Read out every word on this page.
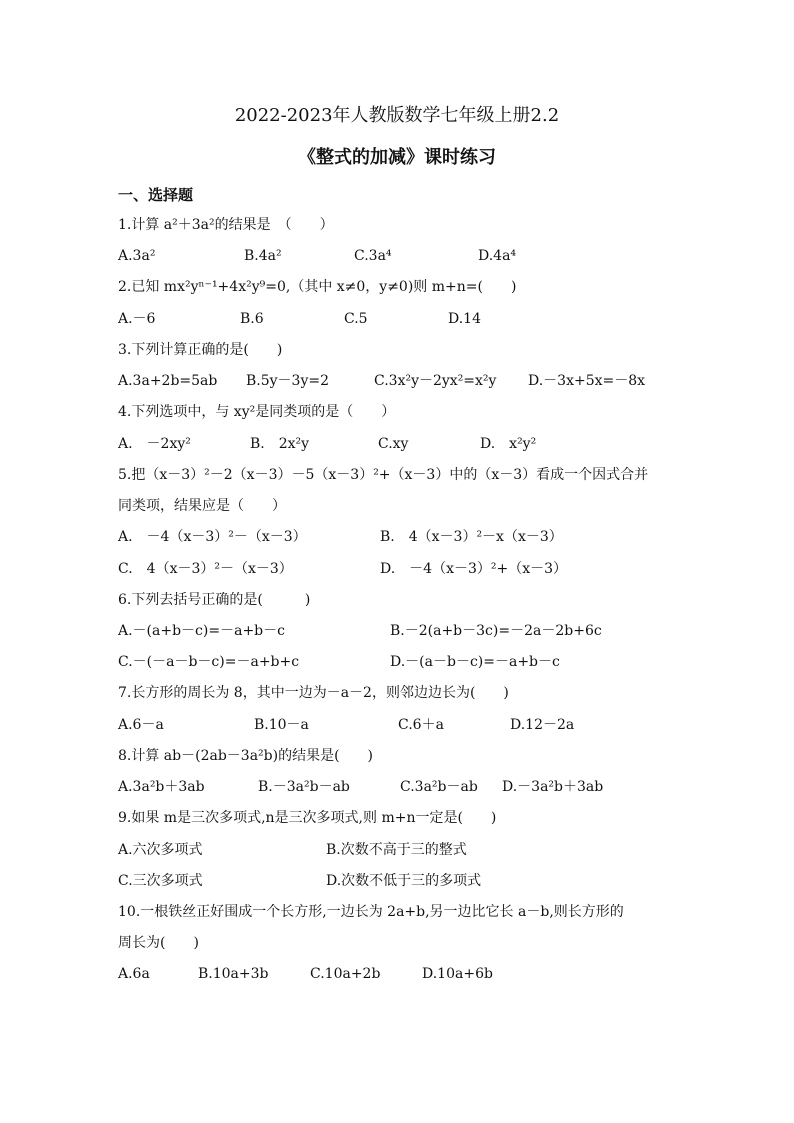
2022-2023年人教版数学七年级上册2.2
《整式的加减》课时练习
一、选择题
1.计算 a²＋3a²的结果是　（　　）
A.3a²	B.4a²	C.3a⁴	D.4a⁴
2.已知 mx²yⁿ⁻¹+4x²y⁹=0,（其中 x≠0，y≠0)则 m+n=(　　)
A.－6	B.6	C.5	D.14
3.下列计算正确的是(　　)
A.3a+2b=5ab B.5y－3y=2	C.3x²y－2yx²=x²y D.－3x+5x=－8x
4.下列选项中，与 xy²是同类项的是（　　）
A.　－2xy²	B.　2x²y	C.xy	D.　x²y²
5.把（x－3）²－2（x－3）－5（x－3）²+（x－3）中的（x－3）看成一个因式合并
同类项，结果应是（　　）
A.　－4（x－3）²－（x－3）	B.　4（x－3）²－x（x－3）
C.　4（x－3）²－（x－3）	D.　－4（x－3）²+（x－3）
6.下列去括号正确的是(　　　)
A.－(a+b－c)=－a+b－c	B.－2(a+b－3c)=－2a－2b+6c
C.－(－a－b－c)=－a+b+c	D.－(a－b－c)=－a+b－c
7.长方形的周长为 8，其中一边为－a－2，则邻边边长为(　　)
A.6－a	B.10－a	C.6＋a	D.12－2a
8.计算 ab－(2ab－3a²b)的结果是(　　)
A.3a²b＋3ab	B.－3a²b－ab	C.3a²b－ab D.－3a²b＋3ab
9.如果 m是三次多项式,n是三次多项式,则 m+n一定是(　　)
A.六次多项式	B.次数不高于三的整式
C.三次多项式	D.次数不低于三的多项式
10.一根铁丝正好围成一个长方形,一边长为 2a+b,另一边比它长 a－b,则长方形的
周长为(　　)
A.6a	B.10a+3b	C.10a+2b	D.10a+6b
